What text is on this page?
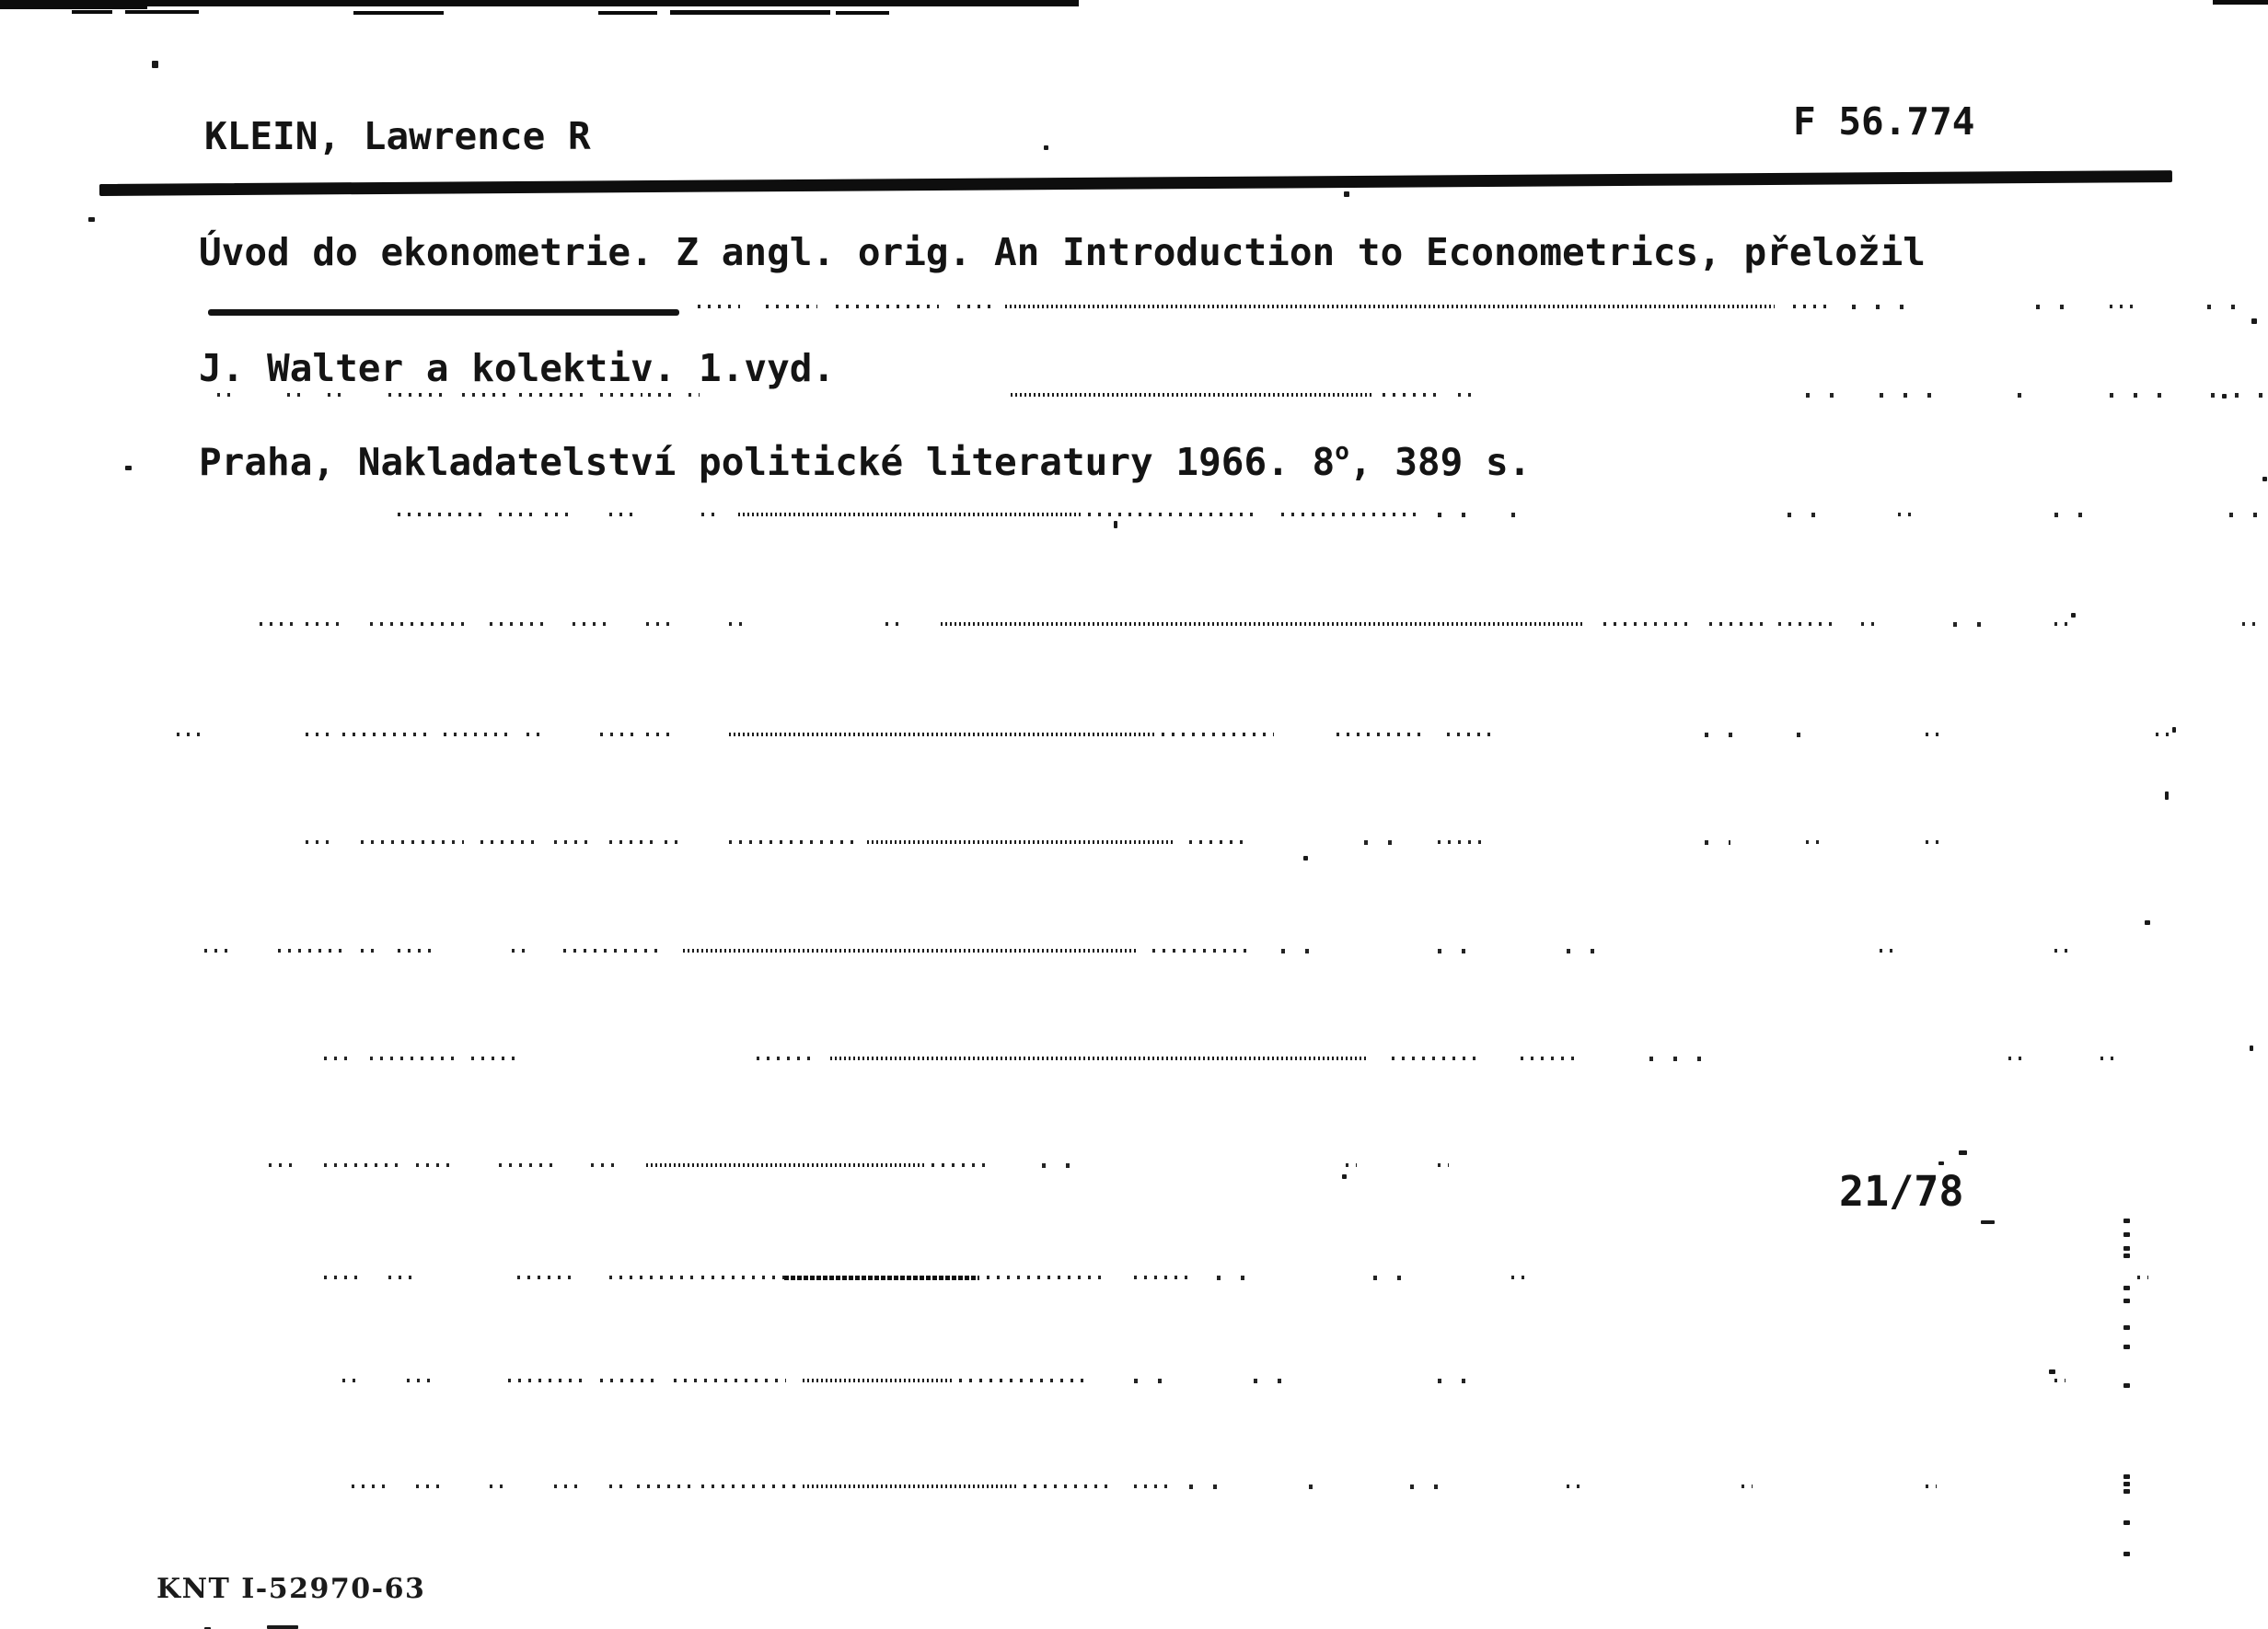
KLEIN, Lawrence R	F 56.774
Úvod do ekonometrie. Z angl. orig. An Introduction to Econometrics, přeložil
J. Walter a kolektiv. 1.vyd.
Praha, Nakladatelství politické literatury 1966. 8$^o$, 389 s.
21/78
KNT I-52970-63
